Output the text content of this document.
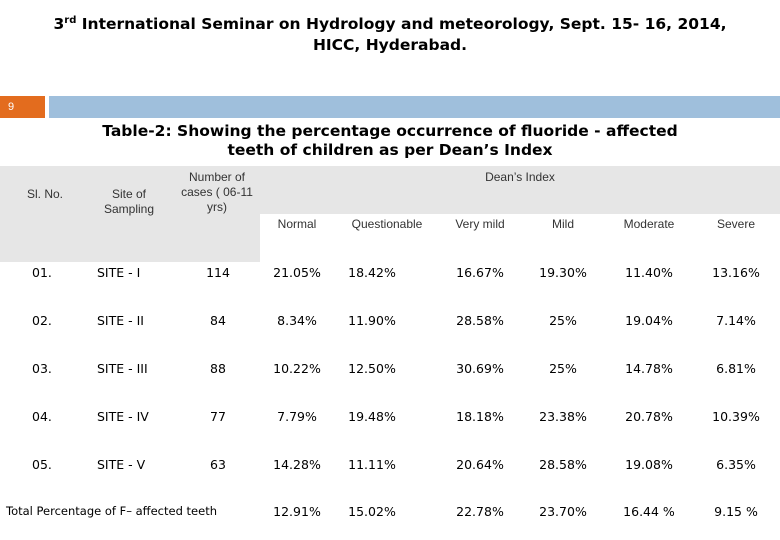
3rd International Seminar on Hydrology and meteorology, Sept. 15- 16, 2014,
HICC, Hyderabad.
9
Table-2: Showing the percentage occurrence of fluoride - affected
teeth of children as per Dean’s Index
Sl. No.	Site of Sampling
Number of cases ( 06-11 yrs)
Dean’s Index
Normal	Questionable	Very mild	Mild	Moderate	Severe
01.	SITE - I	114	21.05%	18.42%	16.67%	19.30%	11.40%	13.16%
02.	SITE - II	84	8.34%	11.90%	28.58%	25%	19.04%	7.14%
03.	SITE - III	88	10.22%	12.50%	30.69%	25%	14.78%	6.81%
04.	SITE - IV	77	7.79%	19.48%	18.18%	23.38%	20.78%	10.39%
05.	SITE - V	63	14.28%	11.11%	20.64%	28.58%	19.08%	6.35%
Total Percentage of F– affected teeth	12.91%	15.02%	22.78%	23.70%	16.44 %	9.15 %
